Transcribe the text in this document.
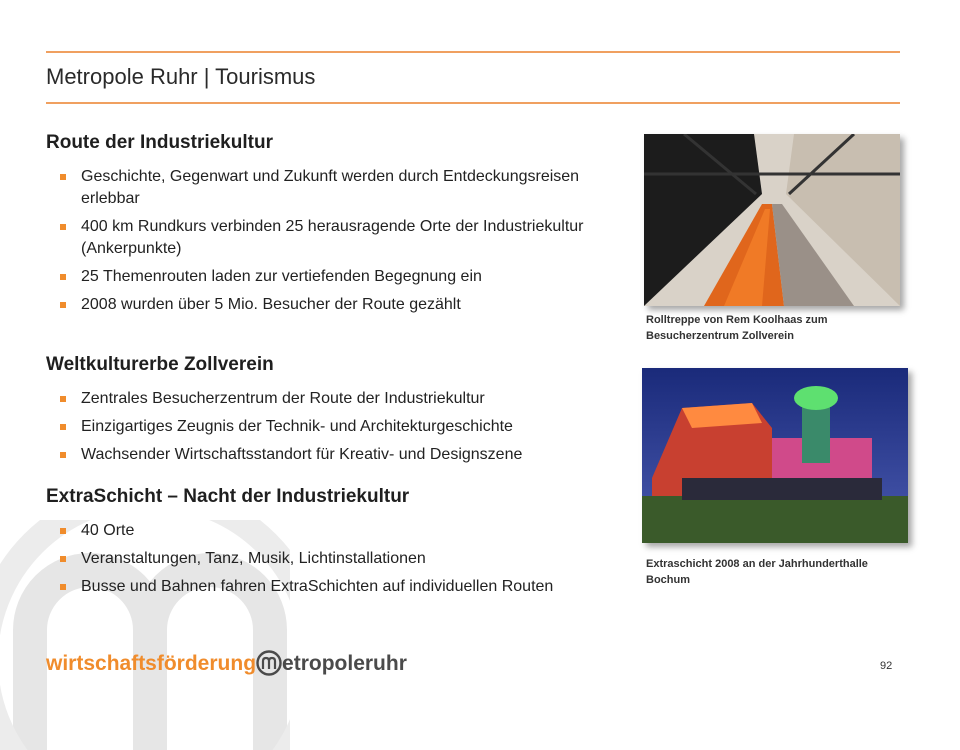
Metropole Ruhr | Tourismus
Route der Industriekultur
Geschichte, Gegenwart und Zukunft werden durch Entdeckungsreisen erlebbar
400 km Rundkurs verbinden 25 herausragende Orte der Industriekultur (Ankerpunkte)
25 Themenrouten laden zur vertiefenden Begegnung ein
2008 wurden über 5 Mio. Besucher der Route gezählt
Weltkulturerbe Zollverein
Zentrales Besucherzentrum der Route der Industriekultur
Einzigartiges Zeugnis der Technik- und Architekturgeschichte
Wachsender Wirtschaftsstandort für Kreativ- und Designszene
ExtraSchicht – Nacht der Industriekultur
40 Orte
Veranstaltungen, Tanz, Musik, Lichtinstallationen
Busse und Bahnen fahren ExtraSchichten auf individuellen Routen
Rolltreppe von Rem Koolhaas zum Besucherzentrum Zollverein
Extraschicht 2008 an der Jahrhunderthalle Bochum
wirtschaftsförderung etropoleruhr	92
